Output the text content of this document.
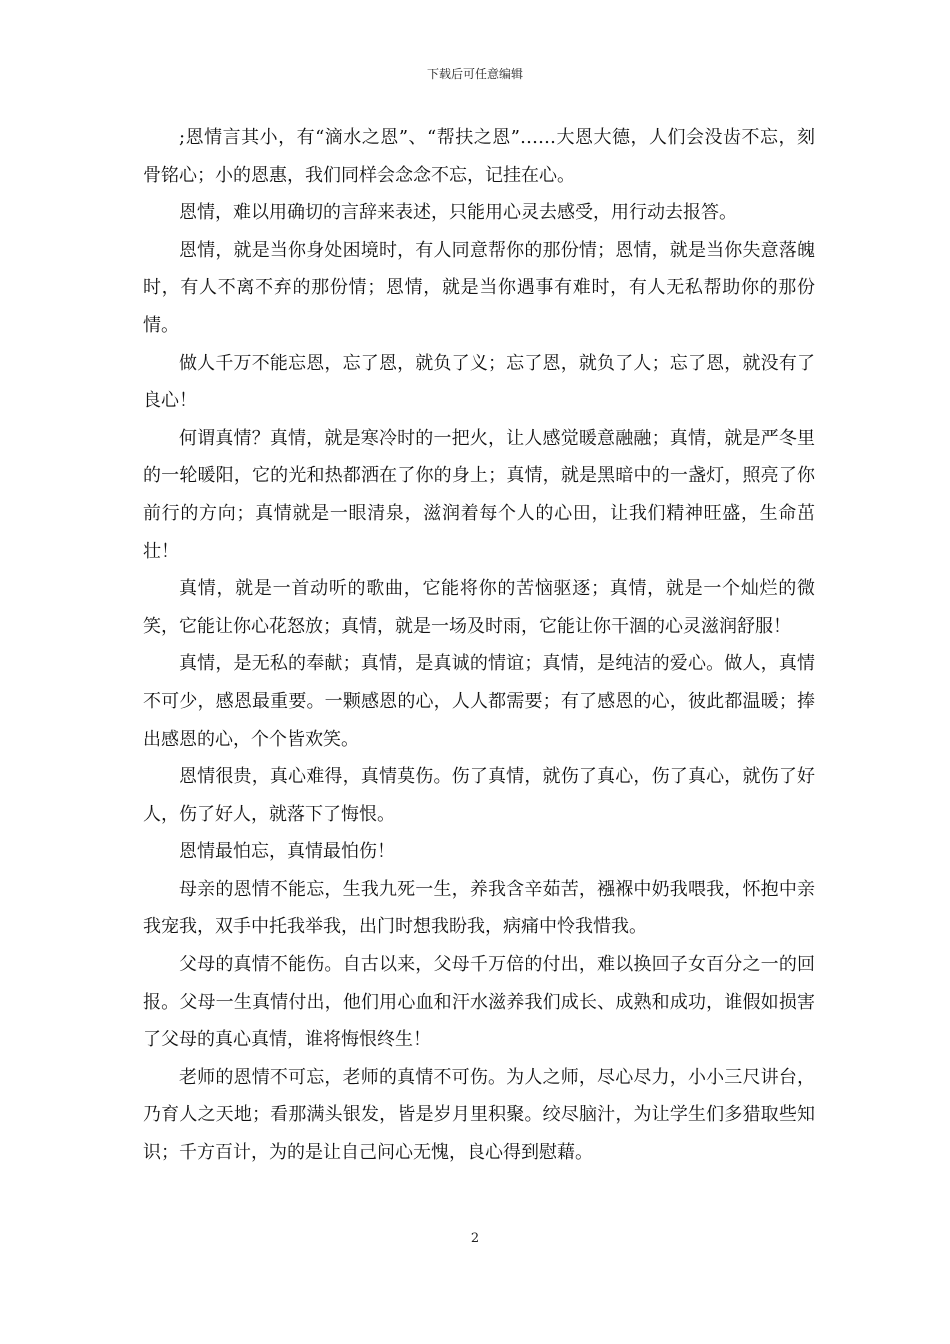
下载后可任意编辑

;恩情言其小，有“滴水之恩”、“帮扶之恩”……大恩大德，人们会没齿不忘，刻骨铭心；小的恩惠，我们同样会念念不忘，记挂在心。

恩情，难以用确切的言辞来表述，只能用心灵去感受，用行动去报答。

恩情，就是当你身处困境时，有人同意帮你的那份情；恩情，就是当你失意落魄时，有人不离不弃的那份情；恩情，就是当你遇事有难时，有人无私帮助你的那份情。

做人千万不能忘恩，忘了恩，就负了义；忘了恩，就负了人；忘了恩，就没有了良心！

何谓真情？真情，就是寒冷时的一把火，让人感觉暖意融融；真情，就是严冬里的一轮暖阳，它的光和热都洒在了你的身上；真情，就是黑暗中的一盏灯，照亮了你前行的方向；真情就是一眼清泉，滋润着每个人的心田，让我们精神旺盛，生命茁壮！

真情，就是一首动听的歌曲，它能将你的苦恼驱逐；真情，就是一个灿烂的微笑，它能让你心花怒放；真情，就是一场及时雨，它能让你干涸的心灵滋润舒服！

真情，是无私的奉献；真情，是真诚的情谊；真情，是纯洁的爱心。做人，真情不可少，感恩最重要。一颗感恩的心，人人都需要；有了感恩的心，彼此都温暖；捧出感恩的心，个个皆欢笑。

恩情很贵，真心难得，真情莫伤。伤了真情，就伤了真心，伤了真心，就伤了好人，伤了好人，就落下了悔恨。

恩情最怕忘，真情最怕伤！

母亲的恩情不能忘，生我九死一生，养我含辛茹苦，襁褓中奶我喂我，怀抱中亲我宠我，双手中托我举我，出门时想我盼我，病痛中怜我惜我。

父母的真情不能伤。自古以来，父母千万倍的付出，难以换回子女百分之一的回报。父母一生真情付出，他们用心血和汗水滋养我们成长、成熟和成功，谁假如损害了父母的真心真情，谁将悔恨终生！

老师的恩情不可忘，老师的真情不可伤。为人之师，尽心尽力，小小三尺讲台，乃育人之天地；看那满头银发，皆是岁月里积聚。绞尽脑汁，为让学生们多猎取些知识；千方百计，为的是让自己问心无愧，良心得到慰藉。

2
